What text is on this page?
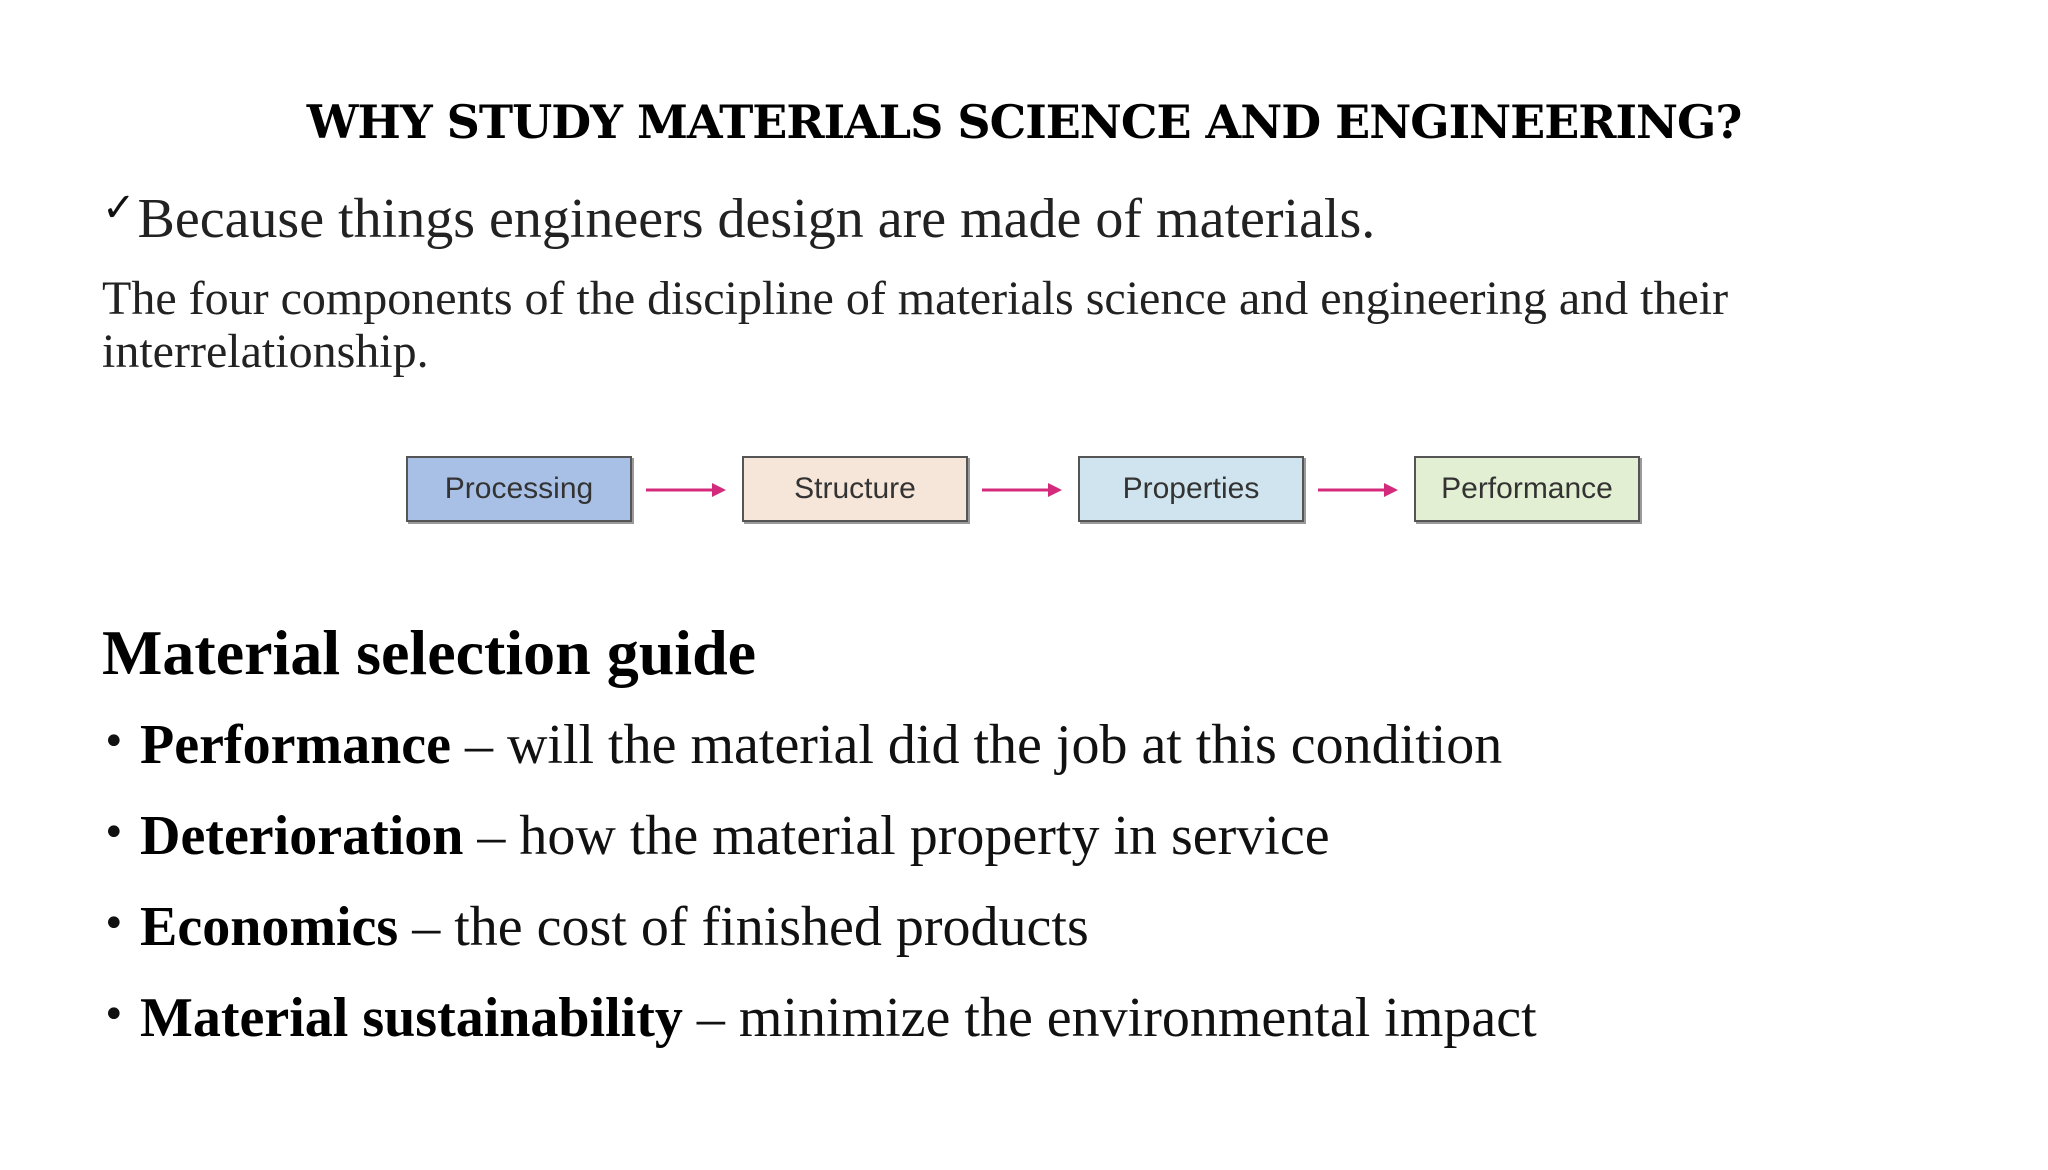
WHY STUDY MATERIALS SCIENCE AND ENGINEERING?
✓Because things engineers design are made of materials.
The four components of the discipline of materials science and engineering and their interrelationship.
Processing	Structure	Properties	Performance
Material selection guide
• Performance – will the material did the job at this condition
• Deterioration – how the material property in service
• Economics – the cost of finished products
• Material sustainability – minimize the environmental impact
